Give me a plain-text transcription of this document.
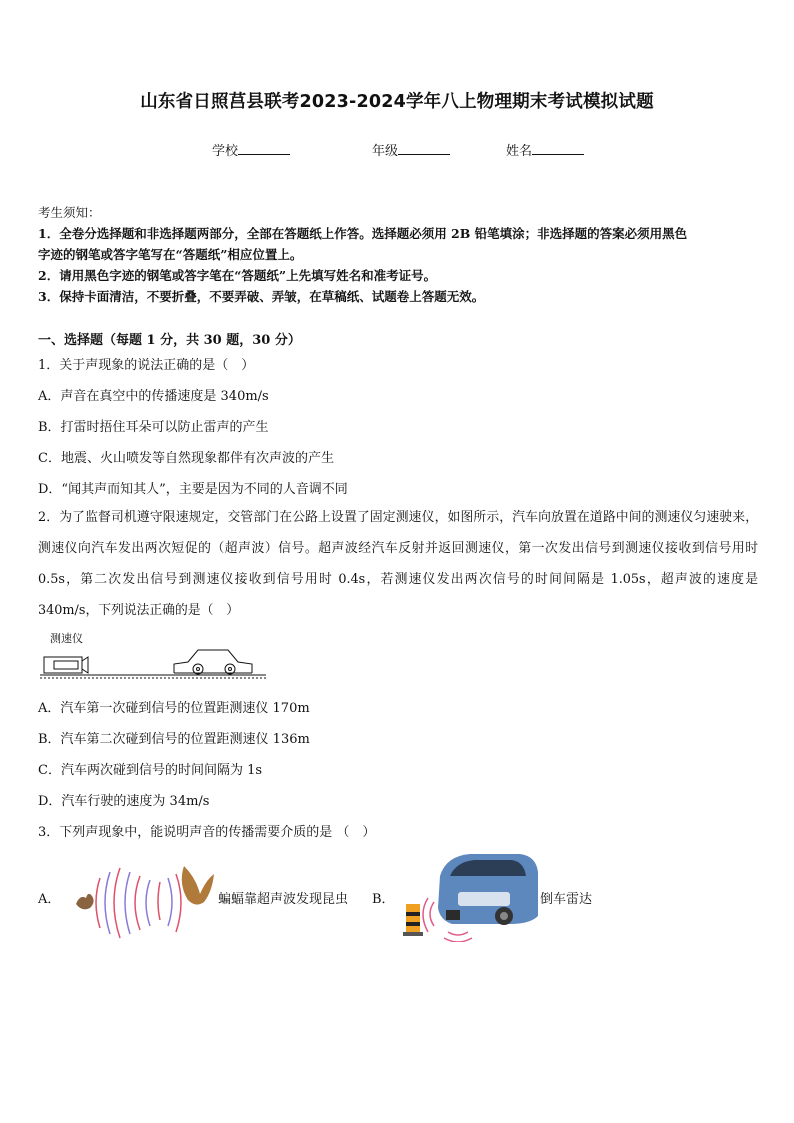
山东省日照莒县联考2023-2024学年八上物理期末考试模拟试题
学校	年级	姓名
考生须知：
1．全卷分选择题和非选择题两部分，全部在答题纸上作答。选择题必须用 2B 铅笔填涂；非选择题的答案必须用黑色
字迹的钢笔或答字笔写在“答题纸”相应位置上。
2．请用黑色字迹的钢笔或答字笔在“答题纸”上先填写姓名和准考证号。
3．保持卡面清洁，不要折叠，不要弄破、弄皱，在草稿纸、试题卷上答题无效。
一、选择题（每题 1 分，共 30 题，30 分）
1．关于声现象的说法正确的是（　）
A．声音在真空中的传播速度是 340m/s
B．打雷时捂住耳朵可以防止雷声的产生
C．地震、火山喷发等自然现象都伴有次声波的产生
D．“闻其声而知其人”，主要是因为不同的人音调不同
2．为了监督司机遵守限速规定，交管部门在公路上设置了固定测速仪，如图所示，汽车向放置在道路中间的测速仪匀速驶来，测速仪向汽车发出两次短促的（超声波）信号。超声波经汽车反射并返回测速仪，第一次发出信号到测速仪接收到信号用时 0.5s，第二次发出信号到测速仪接收到信号用时 0.4s，若测速仪发出两次信号的时间间隔是 1.05s，超声波的速度是 340m/s，下列说法正确的是（　）
测速仪
A．汽车第一次碰到信号的位置距测速仪 170m
B．汽车第二次碰到信号的位置距测速仪 136m
C．汽车两次碰到信号的时间间隔为 1s
D．汽车行驶的速度为 34m/s
3．下列声现象中，能说明声音的传播需要介质的是 （　）
A．	蝙蝠靠超声波发现昆虫 B．	倒车雷达
